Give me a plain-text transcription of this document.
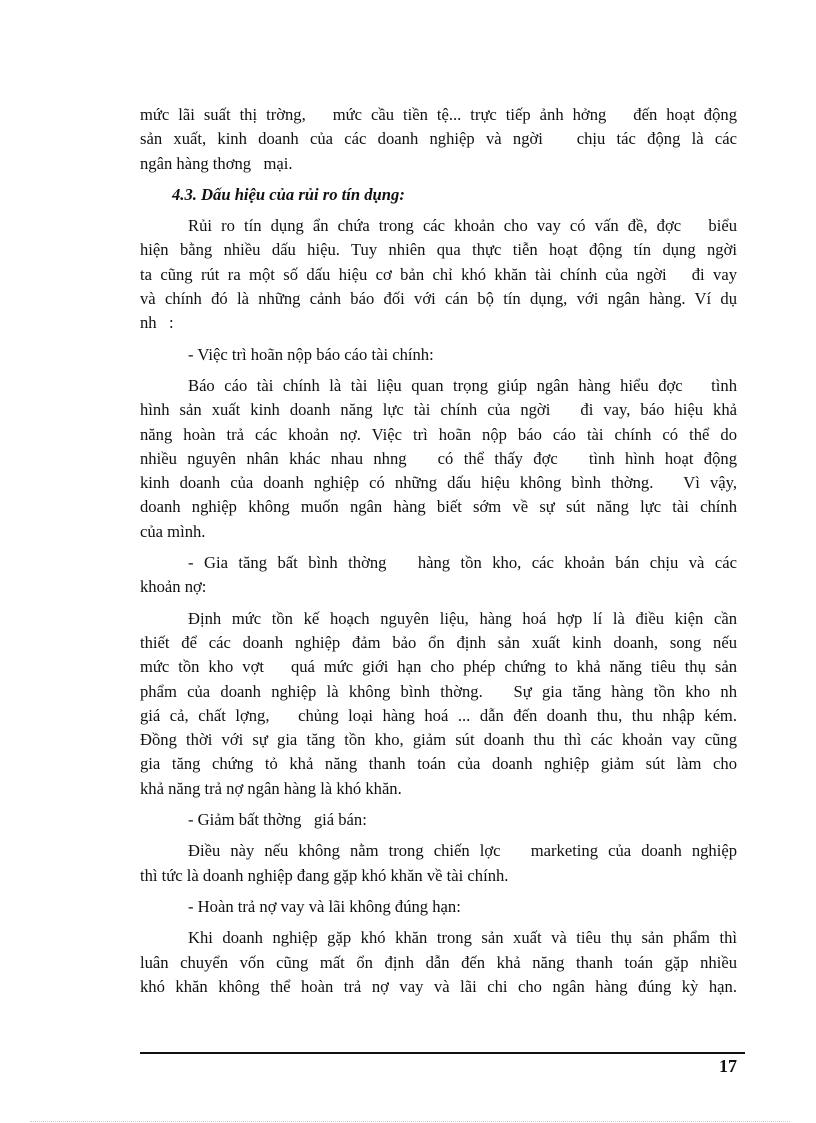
mức lãi suất thị trờng,   mức cầu tiền tệ... trực tiếp ảnh hởng   đến hoạt động
sản xuất, kinh doanh của các doanh nghiệp và ngời   chịu tác động là các
ngân hàng thơng   mại.
4.3. Dấu hiệu của rủi ro tín dụng:
Rủi ro tín dụng ẩn chứa trong các khoản cho vay có vấn đề, đợc   biểu
hiện bằng nhiều dấu hiệu. Tuy nhiên qua thực tiễn hoạt động tín dụng ngời
ta cũng rút ra một số dấu hiệu cơ bản chỉ khó khăn tài chính của ngời   đi vay
và chính đó là những cảnh báo đối với cán bộ tín dụng, với ngân hàng. Ví dụ
nh   :
- Việc trì hoãn nộp báo cáo tài chính:
Báo cáo tài chính là tài liệu quan trọng giúp ngân hàng hiểu đợc   tình
hình sản xuất kinh doanh năng lực tài chính của ngời   đi vay, báo hiệu khả
năng hoàn trả các khoản nợ. Việc trì hoãn nộp báo cáo tài chính có thể do
nhiều nguyên nhân khác nhau nhng   có thể thấy đợc   tình hình hoạt động
kinh doanh của doanh nghiệp có những dấu hiệu không bình thờng.   Vì vậy,
doanh nghiệp không muốn ngân hàng biết sớm về sự sút năng lực tài chính
của mình.
- Gia tăng bất bình thờng   hàng tồn kho, các khoản bán chịu và các
khoản nợ:
Định mức tồn kế hoạch nguyên liệu, hàng hoá hợp lí là điều kiện cần
thiết để các doanh nghiệp đảm bảo ổn định sản xuất kinh doanh, song nếu
mức tồn kho vợt   quá mức giới hạn cho phép chứng to khả năng tiêu thụ sản
phẩm của doanh nghiệp là không bình thờng.   Sự gia tăng hàng tồn kho nh
giá cả, chất lợng,   chủng loại hàng hoá ... dẫn đến doanh thu, thu nhập kém.
Đồng thời với sự gia tăng tồn kho, giảm sút doanh thu thì các khoản vay cũng
gia tăng chứng tỏ khả năng thanh toán của doanh nghiệp giảm sút làm cho
khả năng trả nợ ngân hàng là khó khăn.
- Giảm bất thờng   giá bán:
Điều này nếu không nằm trong chiến lợc   marketing của doanh nghiệp
thì tức là doanh nghiệp đang gặp khó khăn về tài chính.
- Hoàn trả nợ vay và lãi không đúng hạn:
Khi doanh nghiệp gặp khó khăn trong sản xuất và tiêu thụ sản phẩm thì
luân chuyển vốn cũng mất ổn định dẫn đến khả năng thanh toán gặp nhiều
khó khăn không thể hoàn trả nợ vay và lãi chi cho ngân hàng đúng kỳ hạn.
17
